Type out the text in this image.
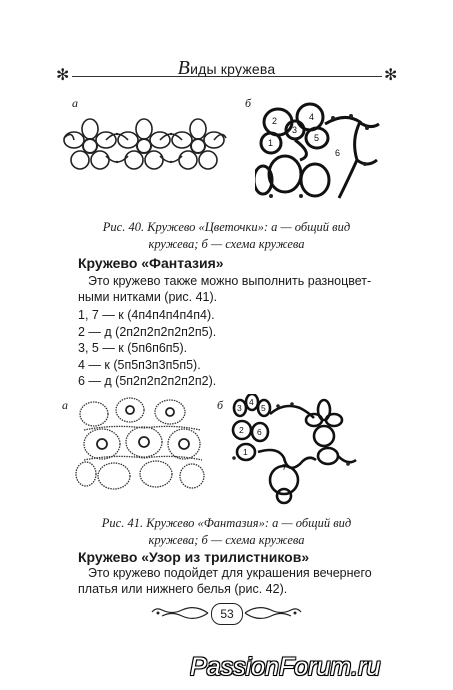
✻	✻
Виды кружева
а	б
2	4
3
1	5
6
Рис. 40. Кружево «Цветочки»: а — общий вид
кружева; б — схема кружева
Кружево «Фантазия»
Это кружево также можно выполнить разноцвет-
ными нитками (рис. 41).
1, 7 — к (4п4п4п4п4п4).
2 — д (2п2п2п2п2п2п5).
3, 5 — к (5п6п6п5).
4 — к (5п5п3п3п5п5).
6 — д (5п2п2п2п2п2п2).
а	б 3
4
5
2 6
1
7
Рис. 41. Кружево «Фантазия»: а — общий вид
кружева; б — схема кружева
Кружево «Узор из трилистников»
Это кружево подойдет для украшения вечернего
платья или нижнего белья (рис. 42).
53
PassionForum.ru
